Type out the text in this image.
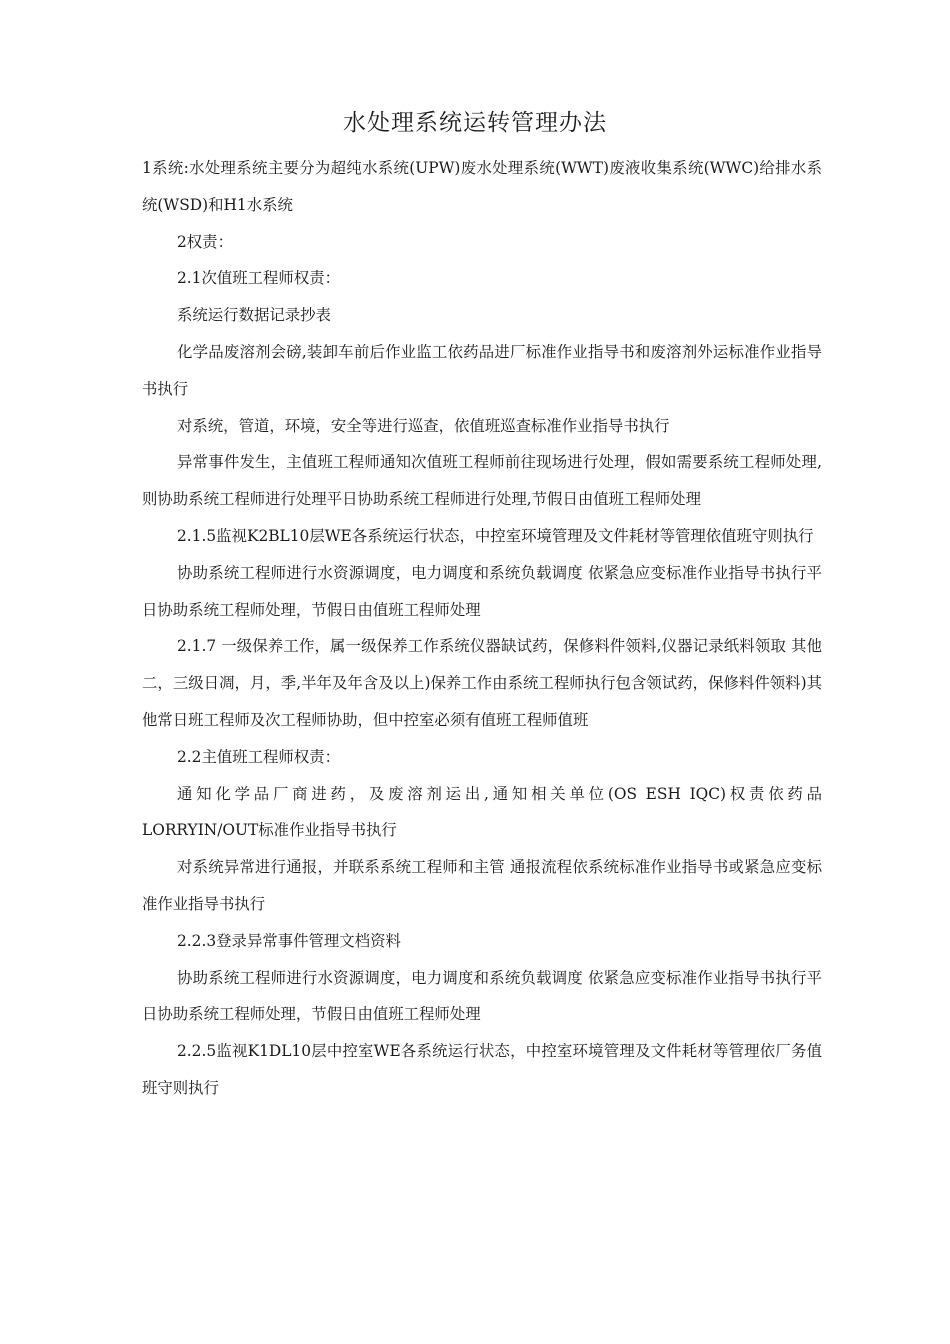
水处理系统运转管理办法

1系统:水处理系统主要分为超纯水系统(UPW)废水处理系统(WWT)废液收集系统(WWC)给排水系统(WSD)和H1水系统

2权责：

2.1次值班工程师权责：

系统运行数据记录抄表

化学品废溶剂会磅,装卸车前后作业监工依药品进厂标准作业指导书和废溶剂外运标准作业指导书执行

对系统，管道，环境，安全等进行巡查，依值班巡查标准作业指导书执行

异常事件发生，主值班工程师通知次值班工程师前往现场进行处理，假如需要系统工程师处理,则协助系统工程师进行处理平日协助系统工程师进行处理,节假日由值班工程师处理

2.1.5监视K2BL10层WE各系统运行状态，中控室环境管理及文件耗材等管理依值班守则执行

协助系统工程师进行水资源调度，电力调度和系统负载调度 依紧急应变标准作业指导书执行平日协助系统工程师处理，节假日由值班工程师处理

2.1.7 一级保养工作，属一级保养工作系统仪器缺试药，保修料件领料,仪器记录纸料领取 其他二，三级日凋，月，季,半年及年含及以上)保养工作由系统工程师执行包含领试药，保修料件领料)其他常日班工程师及次工程师协助，但中控室必须有值班工程师值班

2.2主值班工程师权责：

通知化学品厂商进药，及废溶剂运出,通知相关单位(OS ESH IQC)权责依药品LORRYIN/OUT标准作业指导书执行

对系统异常进行通报，并联系系统工程师和主管 通报流程依系统标准作业指导书或紧急应变标准作业指导书执行

2.2.3登录异常事件管理文档资料

协助系统工程师进行水资源调度，电力调度和系统负载调度 依紧急应变标准作业指导书执行平日协助系统工程师处理，节假日由值班工程师处理

2.2.5监视K1DL10层中控室WE各系统运行状态，中控室环境管理及文件耗材等管理依厂务值班守则执行
